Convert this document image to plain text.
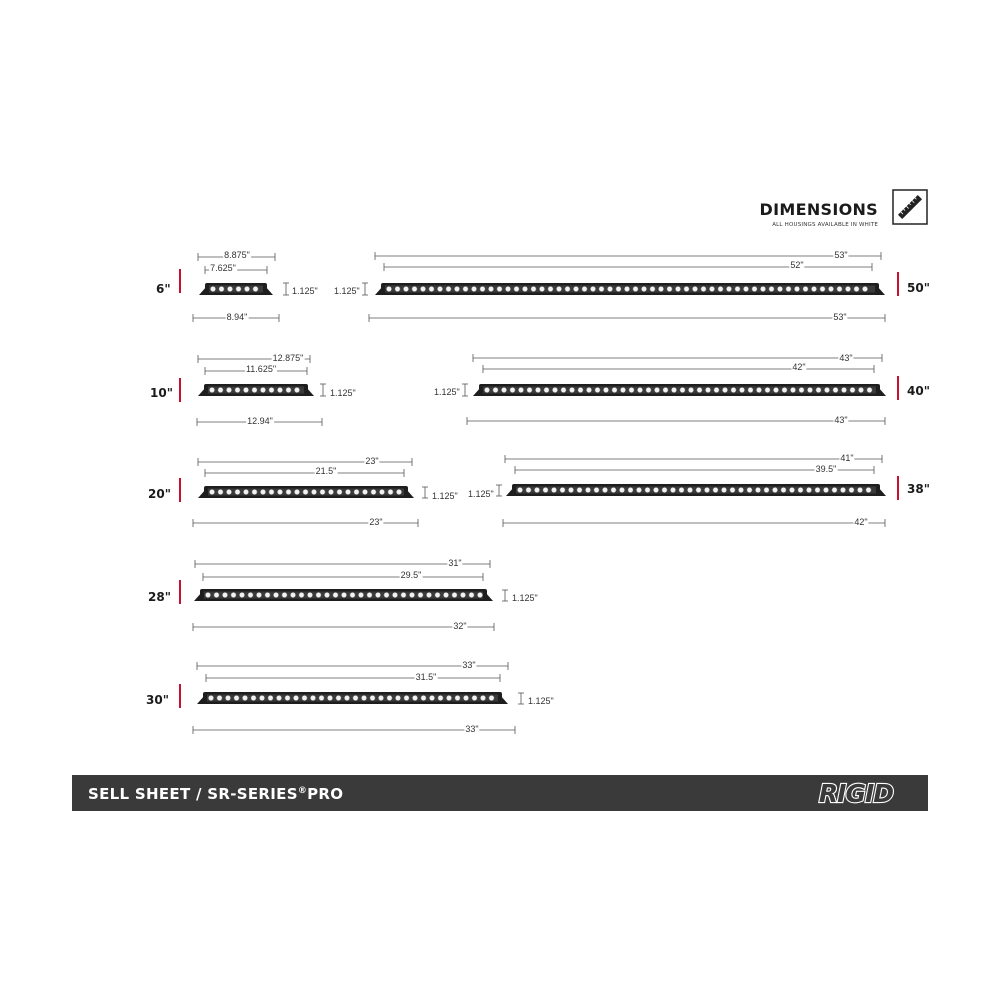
DIMENSIONS
ALL HOUSINGS AVAILABLE IN WHITE
6"
10"
20"
28"
30"
50"
40"
38"
8.875"
7.625"
1.125"
8.94"
12.875"
11.625"
1.125"
12.94"
23"
21.5"
1.125"
23"
31"
29.5"
1.125"
32"
33"
31.5"
1.125"
33"
53"
52"
1.125"
53"
43"
42"
1.125"
43"
41"
39.5"
1.125"
42"
SELL SHEET / SR-SERIES®PRO	RIGID
